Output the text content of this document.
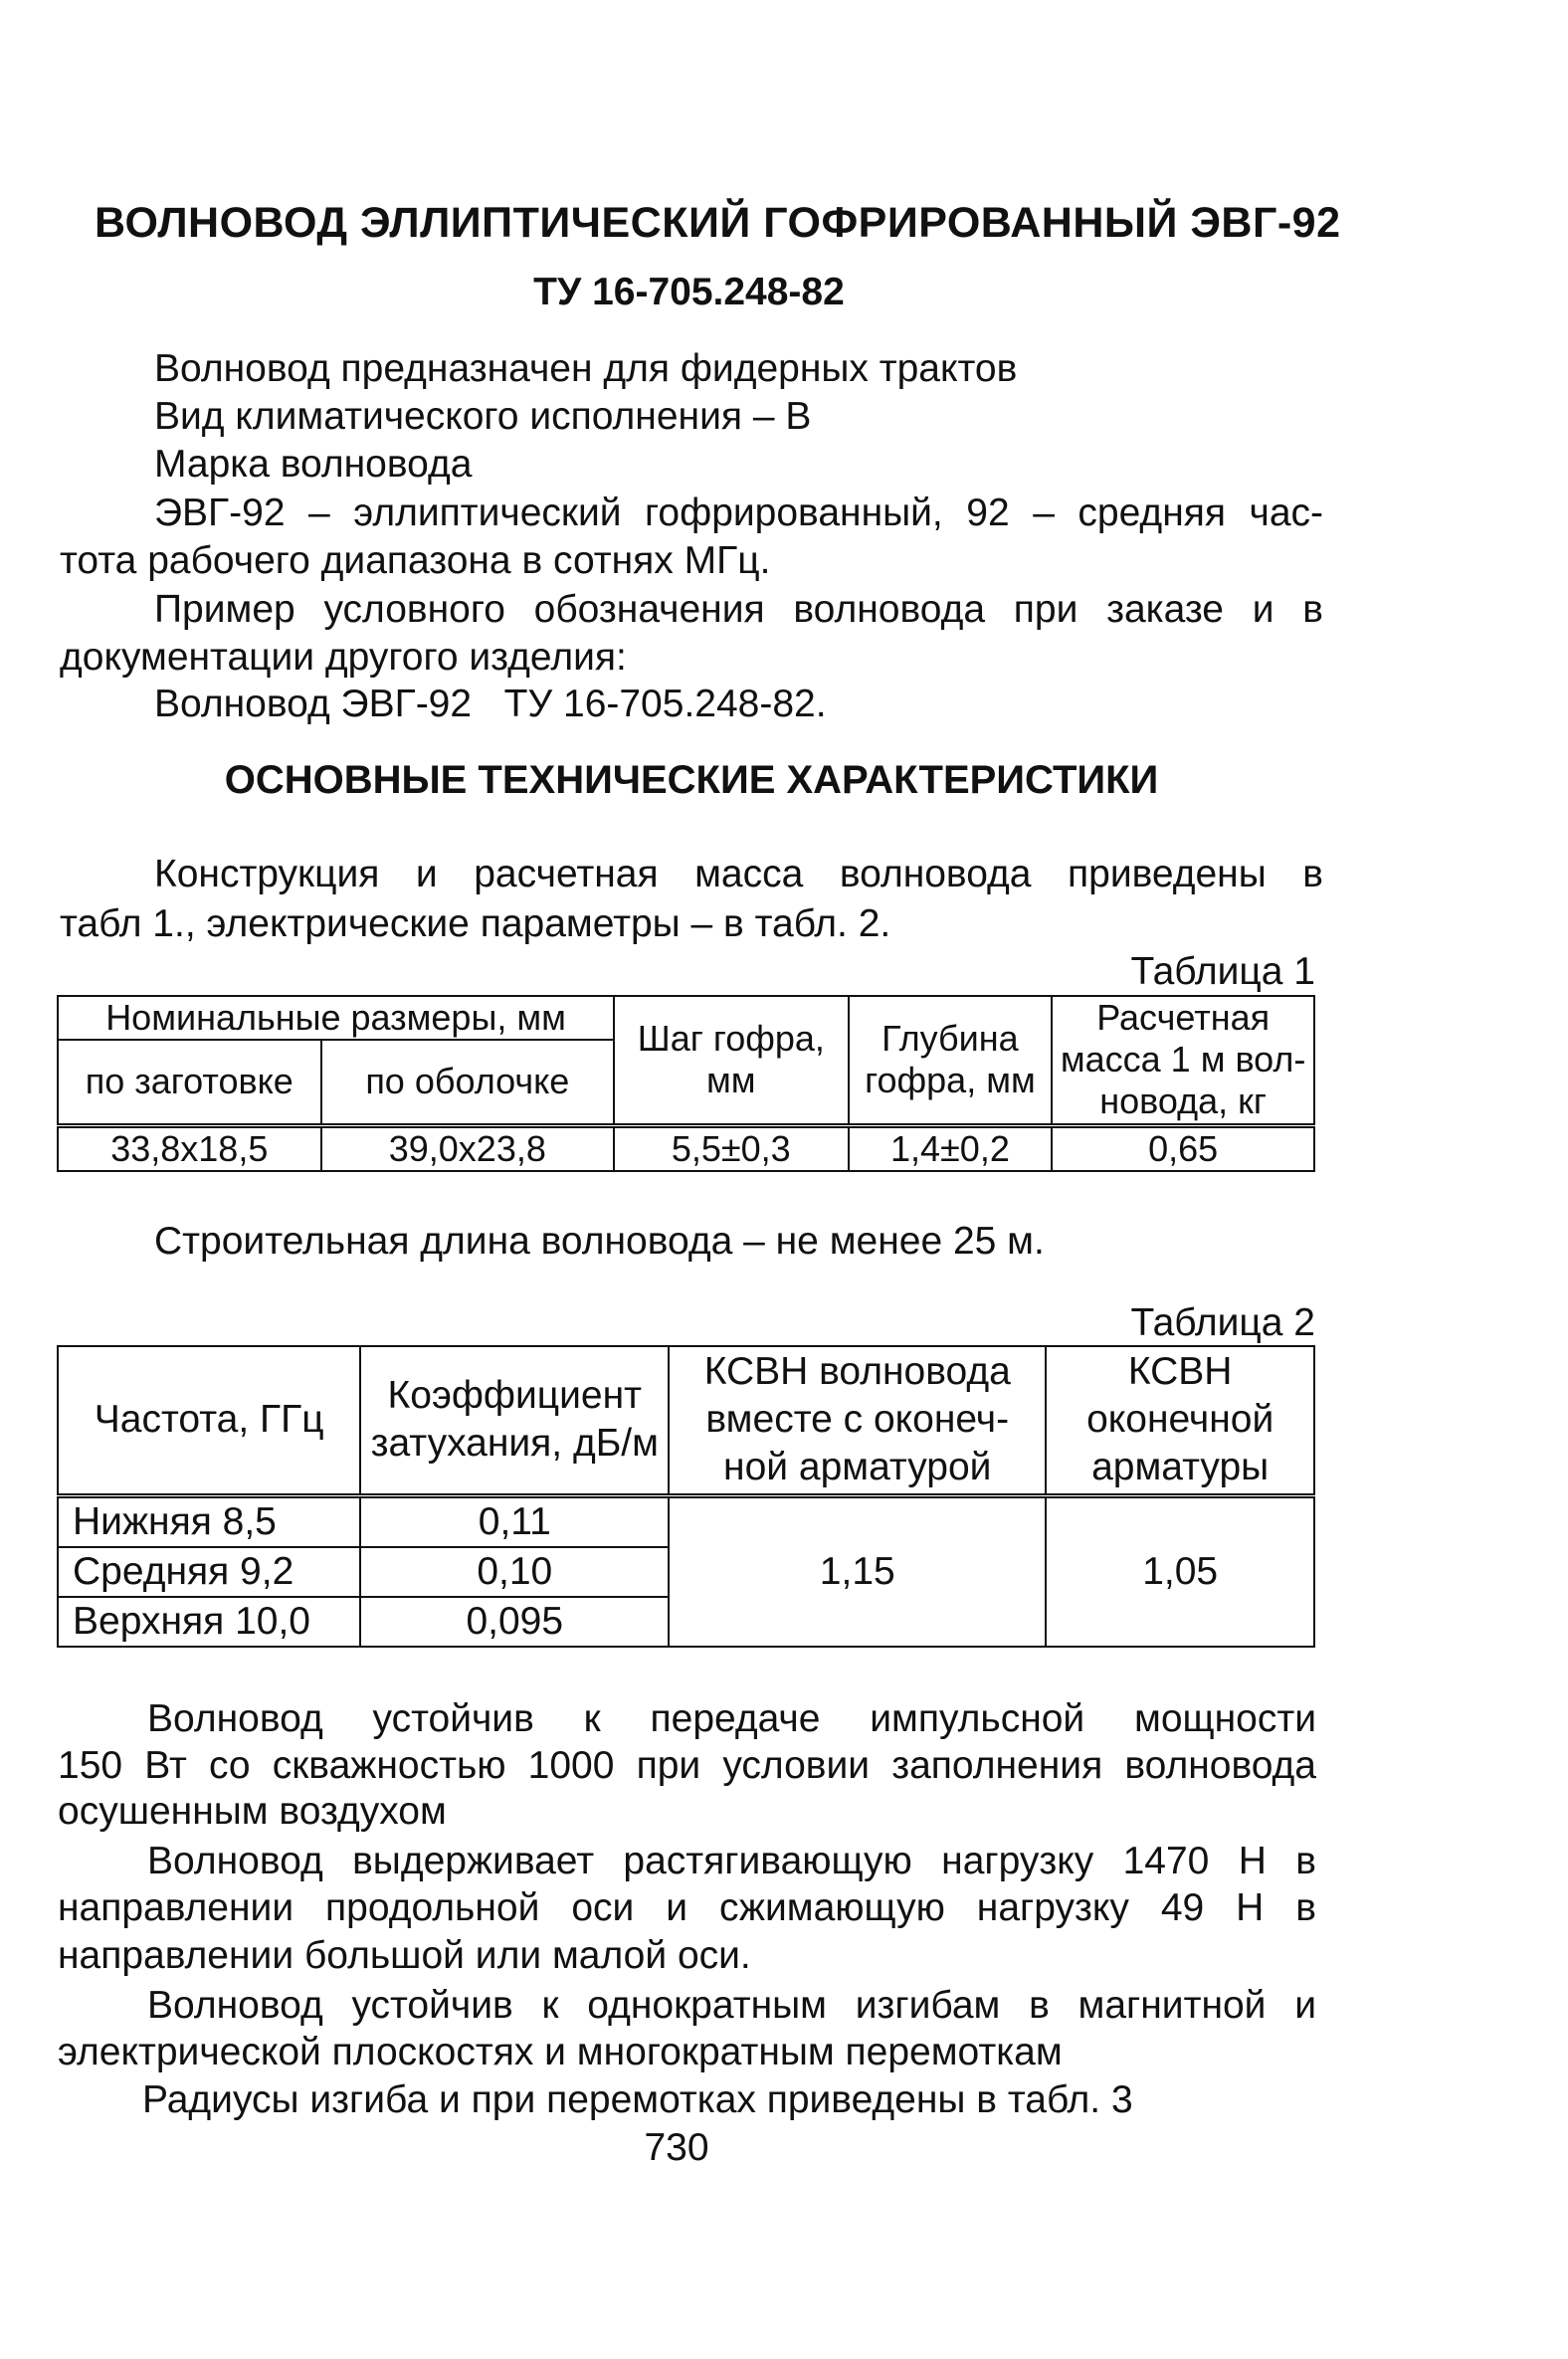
ВОЛНОВОД ЭЛЛИПТИЧЕСКИЙ ГОФРИРОВАННЫЙ ЭВГ-92
ТУ 16-705.248-82
Волновод предназначен для фидерных трактов
Вид климатического исполнения – В
Марка волновода
ЭВГ-92 – эллиптический гофрированный, 92 – средняя час-
тота рабочего диапазона в сотнях МГц.
Пример условного обозначения волновода при заказе и в
документации другого изделия:
Волновод ЭВГ-92   ТУ 16-705.248-82.
ОСНОВНЫЕ ТЕХНИЧЕСКИЕ ХАРАКТЕРИСТИКИ
Конструкция и расчетная масса волновода приведены в
табл 1., электрические параметры – в табл. 2.
Таблица 1
Номинальные размеры, мм		Шаг гофра, мм	Глубина гофра, мм	Расчетная масса 1 м вол-новода, кг
по заготовке	по оболочке			
33,8x18,5	39,0x23,8	5,5±0,3	1,4±0,2	0,65
Строительная длина волновода – не менее 25 м.
Таблица 2
Частота, ГГц	Коэффициент затухания, дБ/м	КСВН волновода вместе с оконеч-ной арматурой	КСВН оконечной арматуры
Нижняя 8,5	0,11	1,15	1,05
Средняя 9,2	0,10		
Верхняя 10,0	0,095		
Волновод устойчив к передаче импульсной мощности
150 Вт со скважностью 1000 при условии заполнения волновода
осушенным воздухом
Волновод выдерживает растягивающую нагрузку 1470 Н в
направлении продольной оси и сжимающую нагрузку 49 Н в
направлении большой или малой оси.
Волновод устойчив к однократным изгибам в магнитной и
электрической плоскостях и многократным перемоткам
Радиусы изгиба и при перемотках приведены в табл. 3
730
